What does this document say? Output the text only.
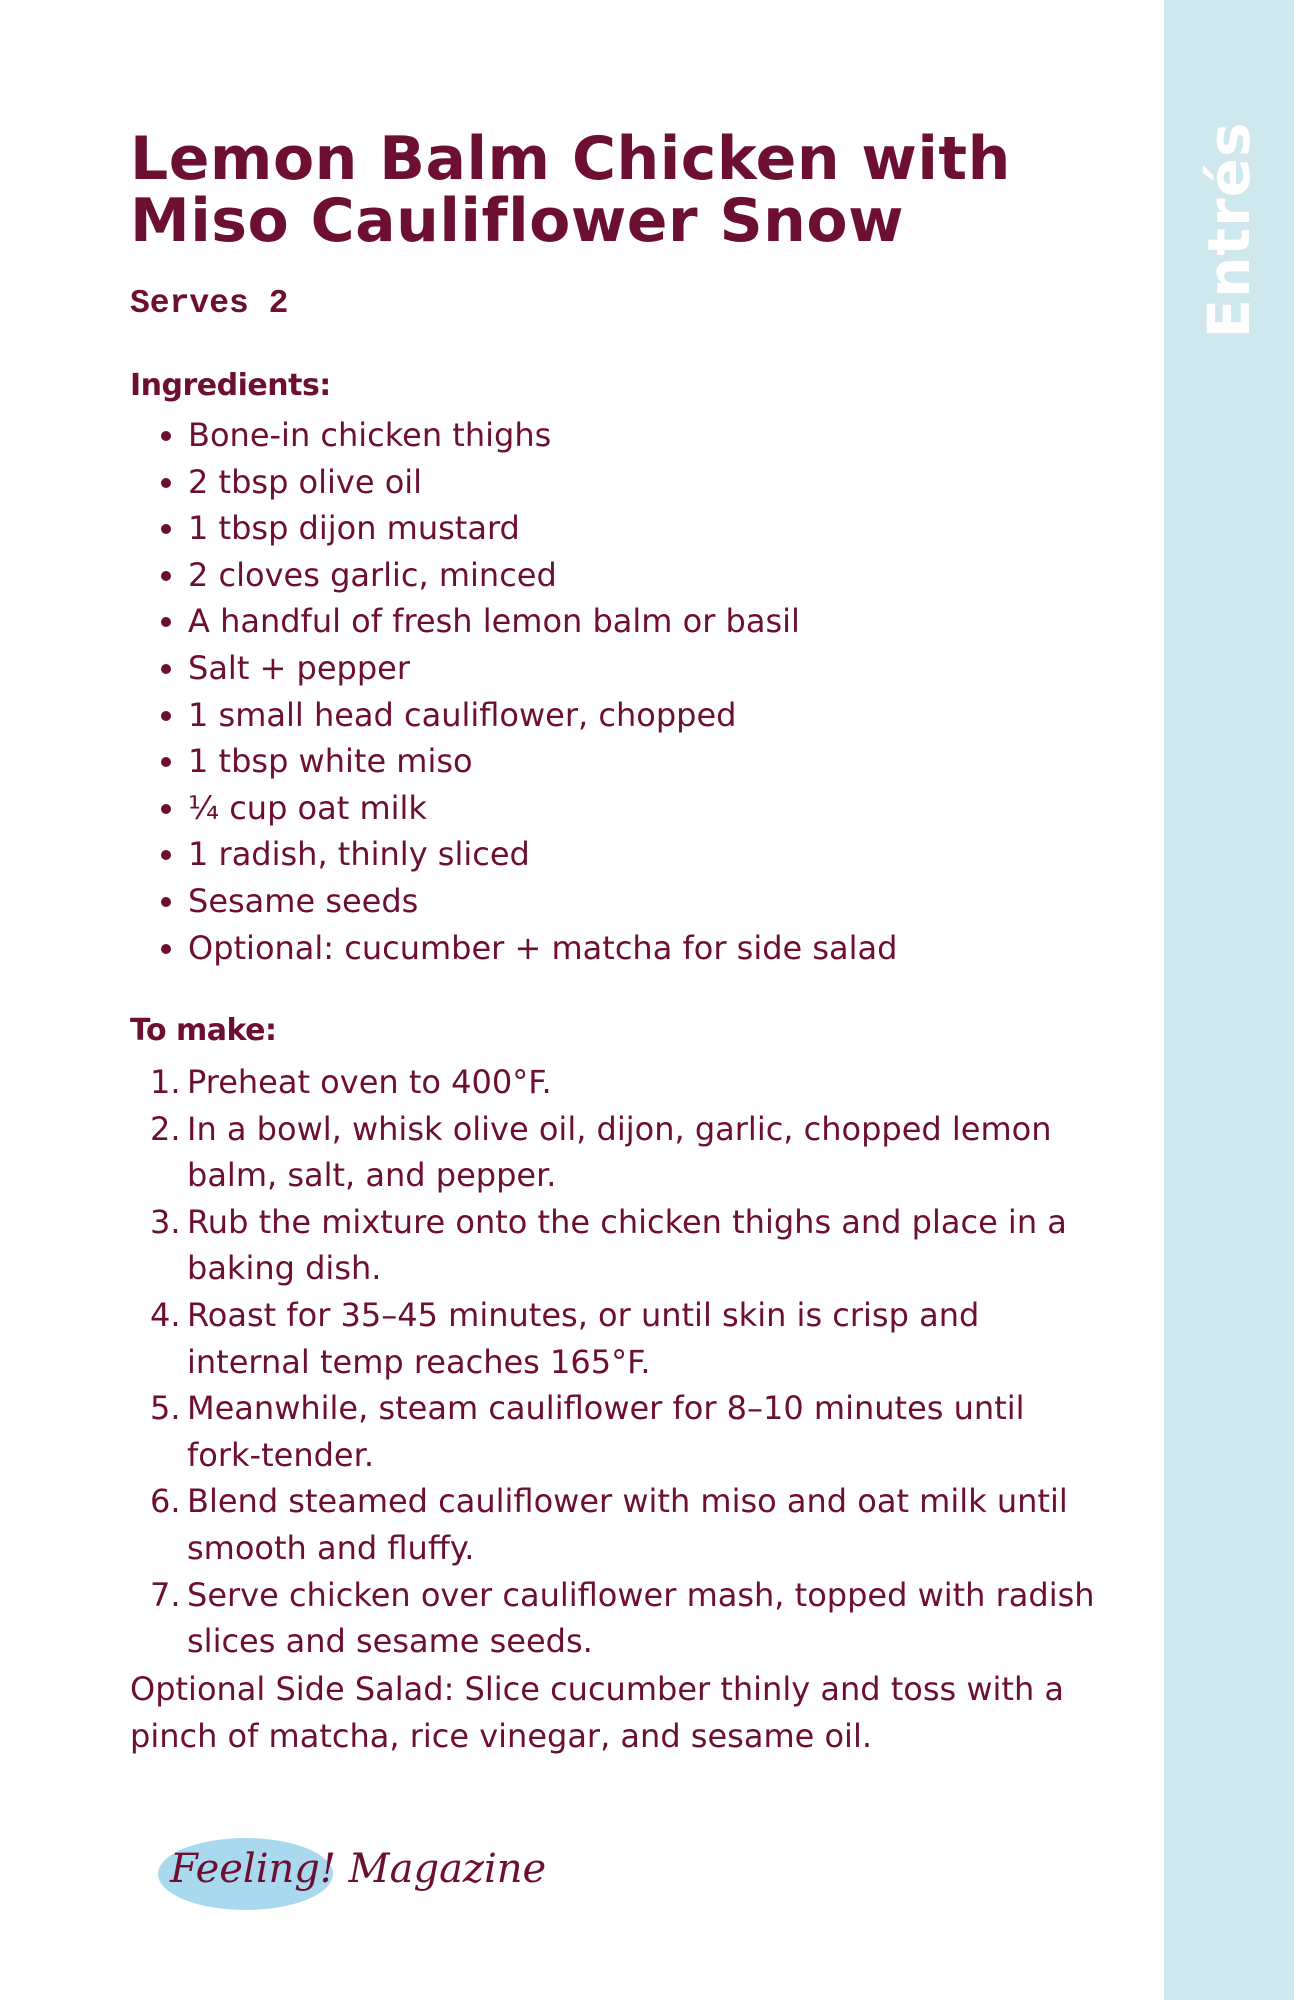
Lemon Balm Chicken with Miso Cauliflower Snow
Serves 2
Ingredients:
• Bone-in chicken thighs
• 2 tbsp olive oil
• 1 tbsp dijon mustard
• 2 cloves garlic, minced
• A handful of fresh lemon balm or basil
• Salt + pepper
• 1 small head cauliflower, chopped
• 1 tbsp white miso
• ¼ cup oat milk
• 1 radish, thinly sliced
• Sesame seeds
• Optional: cucumber + matcha for side salad
To make:
1. Preheat oven to 400°F.
2. In a bowl, whisk olive oil, dijon, garlic, chopped lemon balm, salt, and pepper.
3. Rub the mixture onto the chicken thighs and place in a baking dish.
4. Roast for 35–45 minutes, or until skin is crisp and internal temp reaches 165°F.
5. Meanwhile, steam cauliflower for 8–10 minutes until fork-tender.
6. Blend steamed cauliflower with miso and oat milk until smooth and fluffy.
7. Serve chicken over cauliflower mash, topped with radish slices and sesame seeds.

Optional Side Salad: Slice cucumber thinly and toss with a pinch of matcha, rice vinegar, and sesame oil.

Feeling! Magazine
Entrés
